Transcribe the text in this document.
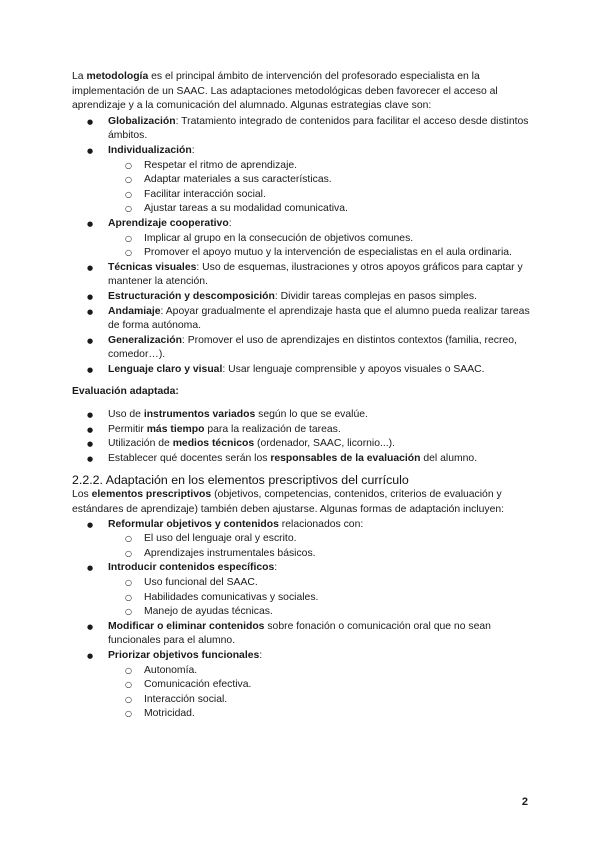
La metodología es el principal ámbito de intervención del profesorado especialista en la implementación de un SAAC. Las adaptaciones metodológicas deben favorecer el acceso al aprendizaje y a la comunicación del alumnado. Algunas estrategias clave son:

● Globalización: Tratamiento integrado de contenidos para facilitar el acceso desde distintos ámbitos.
● Individualización:
○ Respetar el ritmo de aprendizaje.
○ Adaptar materiales a sus características.
○ Facilitar interacción social.
○ Ajustar tareas a su modalidad comunicativa.
● Aprendizaje cooperativo:
○ Implicar al grupo en la consecución de objetivos comunes.
○ Promover el apoyo mutuo y la intervención de especialistas en el aula ordinaria.
● Técnicas visuales: Uso de esquemas, ilustraciones y otros apoyos gráficos para captar y mantener la atención.
● Estructuración y descomposición: Dividir tareas complejas en pasos simples.
● Andamiaje: Apoyar gradualmente el aprendizaje hasta que el alumno pueda realizar tareas de forma autónoma.
● Generalización: Promover el uso de aprendizajes en distintos contextos (familia, recreo, comedor…).
● Lenguaje claro y visual: Usar lenguaje comprensible y apoyos visuales o SAAC.

Evaluación adaptada:

● Uso de instrumentos variados según lo que se evalúe.
● Permitir más tiempo para la realización de tareas.
● Utilización de medios técnicos (ordenador, SAAC, licornio...).
● Establecer qué docentes serán los responsables de la evaluación del alumno.

2.2.2. Adaptación en los elementos prescriptivos del currículo

Los elementos prescriptivos (objetivos, competencias, contenidos, criterios de evaluación y estándares de aprendizaje) también deben ajustarse. Algunas formas de adaptación incluyen:

● Reformular objetivos y contenidos relacionados con:
○ El uso del lenguaje oral y escrito.
○ Aprendizajes instrumentales básicos.
● Introducir contenidos específicos:
○ Uso funcional del SAAC.
○ Habilidades comunicativas y sociales.
○ Manejo de ayudas técnicas.
● Modificar o eliminar contenidos sobre fonación o comunicación oral que no sean funcionales para el alumno.
● Priorizar objetivos funcionales:
○ Autonomía.
○ Comunicación efectiva.
○ Interacción social.
○ Motricidad.
2
